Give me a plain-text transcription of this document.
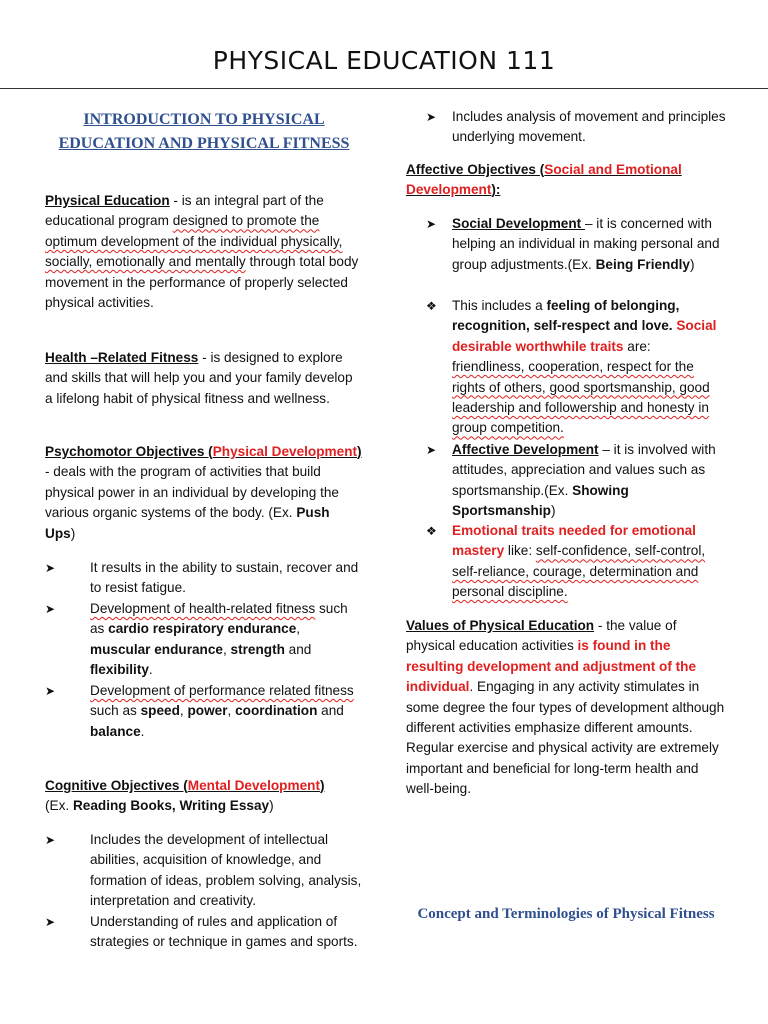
PHYSICAL EDUCATION 111
INTRODUCTION TO PHYSICAL EDUCATION AND PHYSICAL FITNESS

Physical Education - is an integral part of the educational program designed to promote the optimum development of the individual physically, socially, emotionally and mentally through total body movement in the performance of properly selected physical activities.

Health –Related Fitness - is designed to explore and skills that will help you and your family develop a lifelong habit of physical fitness and wellness.

Psychomotor Objectives (Physical Development) - deals with the program of activities that build physical power in an individual by developing the various organic systems of the body. (Ex. Push Ups)

➤	It results in the ability to sustain, recover and to resist fatigue.
➤	Development of health-related fitness such as cardio respiratory endurance, muscular endurance, strength and flexibility.
➤	Development of performance related fitness such as speed, power, coordination and balance.

Cognitive Objectives (Mental Development)
(Ex. Reading Books, Writing Essay)

➤	Includes the development of intellectual abilities, acquisition of knowledge, and formation of ideas, problem solving, analysis, interpretation and creativity.
➤	Understanding of rules and application of strategies or technique in games and sports.
➤	Includes analysis of movement and principles underlying movement.

Affective Objectives (Social and Emotional Development):

➤	Social Development – it is concerned with helping an individual in making personal and group adjustments.(Ex. Being Friendly)
❖	This includes a feeling of belonging, recognition, self-respect and love. Social desirable worthwhile traits are: friendliness, cooperation, respect for the rights of others, good sportsmanship, good leadership and followership and honesty in group competition.
➤	Affective Development – it is involved with attitudes, appreciation and values such as sportsmanship.(Ex. Showing Sportsmanship)
❖	Emotional traits needed for emotional mastery like: self-confidence, self-control, self-reliance, courage, determination and personal discipline.

Values of Physical Education - the value of physical education activities is found in the resulting development and adjustment of the individual. Engaging in any activity stimulates in some degree the four types of development although different activities emphasize different amounts. Regular exercise and physical activity are extremely important and beneficial for long-term health and well-being.

Concept and Terminologies of Physical Fitness
